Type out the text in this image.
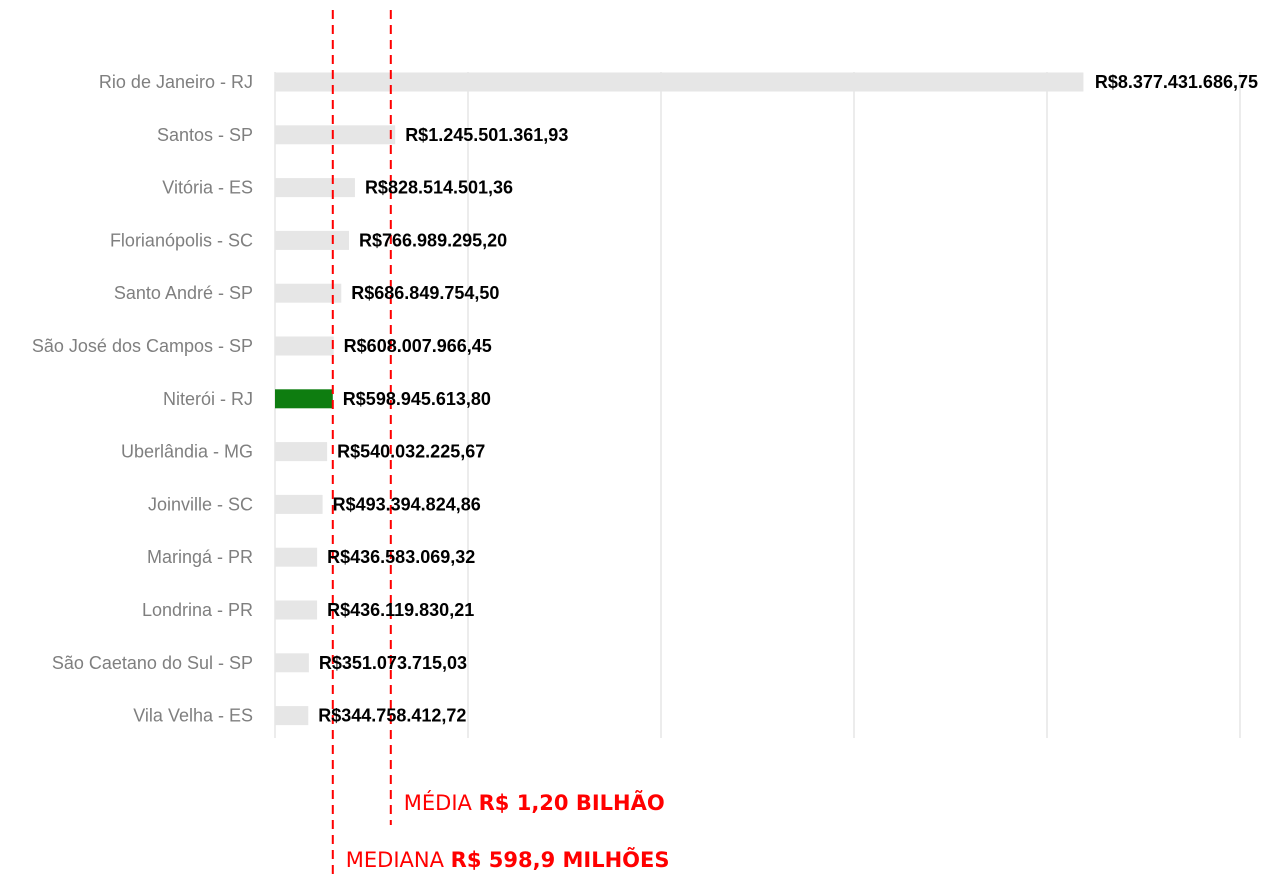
Rio de Janeiro - RJ
Santos - SP
Vitória - ES
Florianópolis - SC
Santo André - SP
São José dos Campos - SP
Niterói - RJ
Uberlândia - MG
Joinville - SC
Maringá - PR
Londrina - PR
São Caetano do Sul - SP
Vila Velha - ES
R$8.377.431.686,75
R$1.245.501.361,93
R$828.514.501,36
R$766.989.295,20
R$686.849.754,50
R$608.007.966,45
R$598.945.613,80
R$540.032.225,67
R$493.394.824,86
R$436.583.069,32
R$436.119.830,21
R$351.073.715,03
R$344.758.412,72
MÉDIA R$ 1,20 BILHÃO
MEDIANA R$ 598,9 MILHÕES
